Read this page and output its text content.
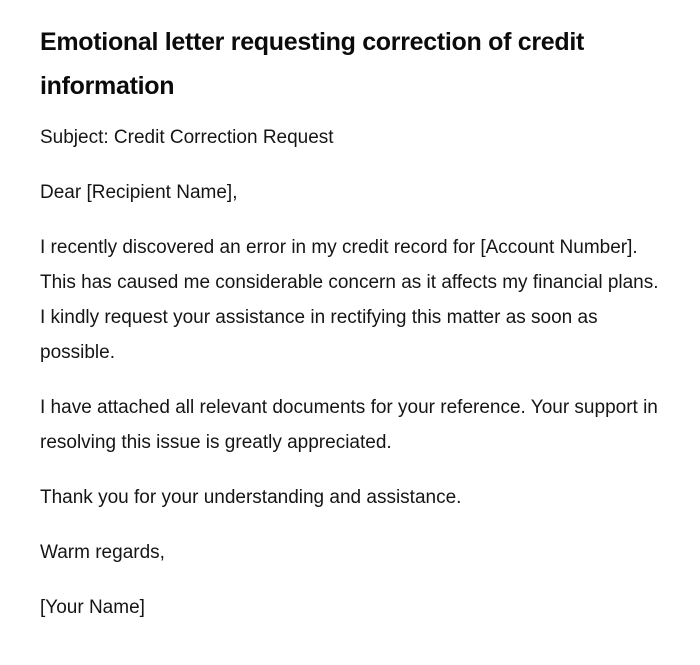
Emotional letter requesting correction of credit information

Subject: Credit Correction Request

Dear [Recipient Name],

I recently discovered an error in my credit record for [Account Number]. This has caused me considerable concern as it affects my financial plans. I kindly request your assistance in rectifying this matter as soon as possible.

I have attached all relevant documents for your reference. Your support in resolving this issue is greatly appreciated.

Thank you for your understanding and assistance.

Warm regards,

[Your Name]
